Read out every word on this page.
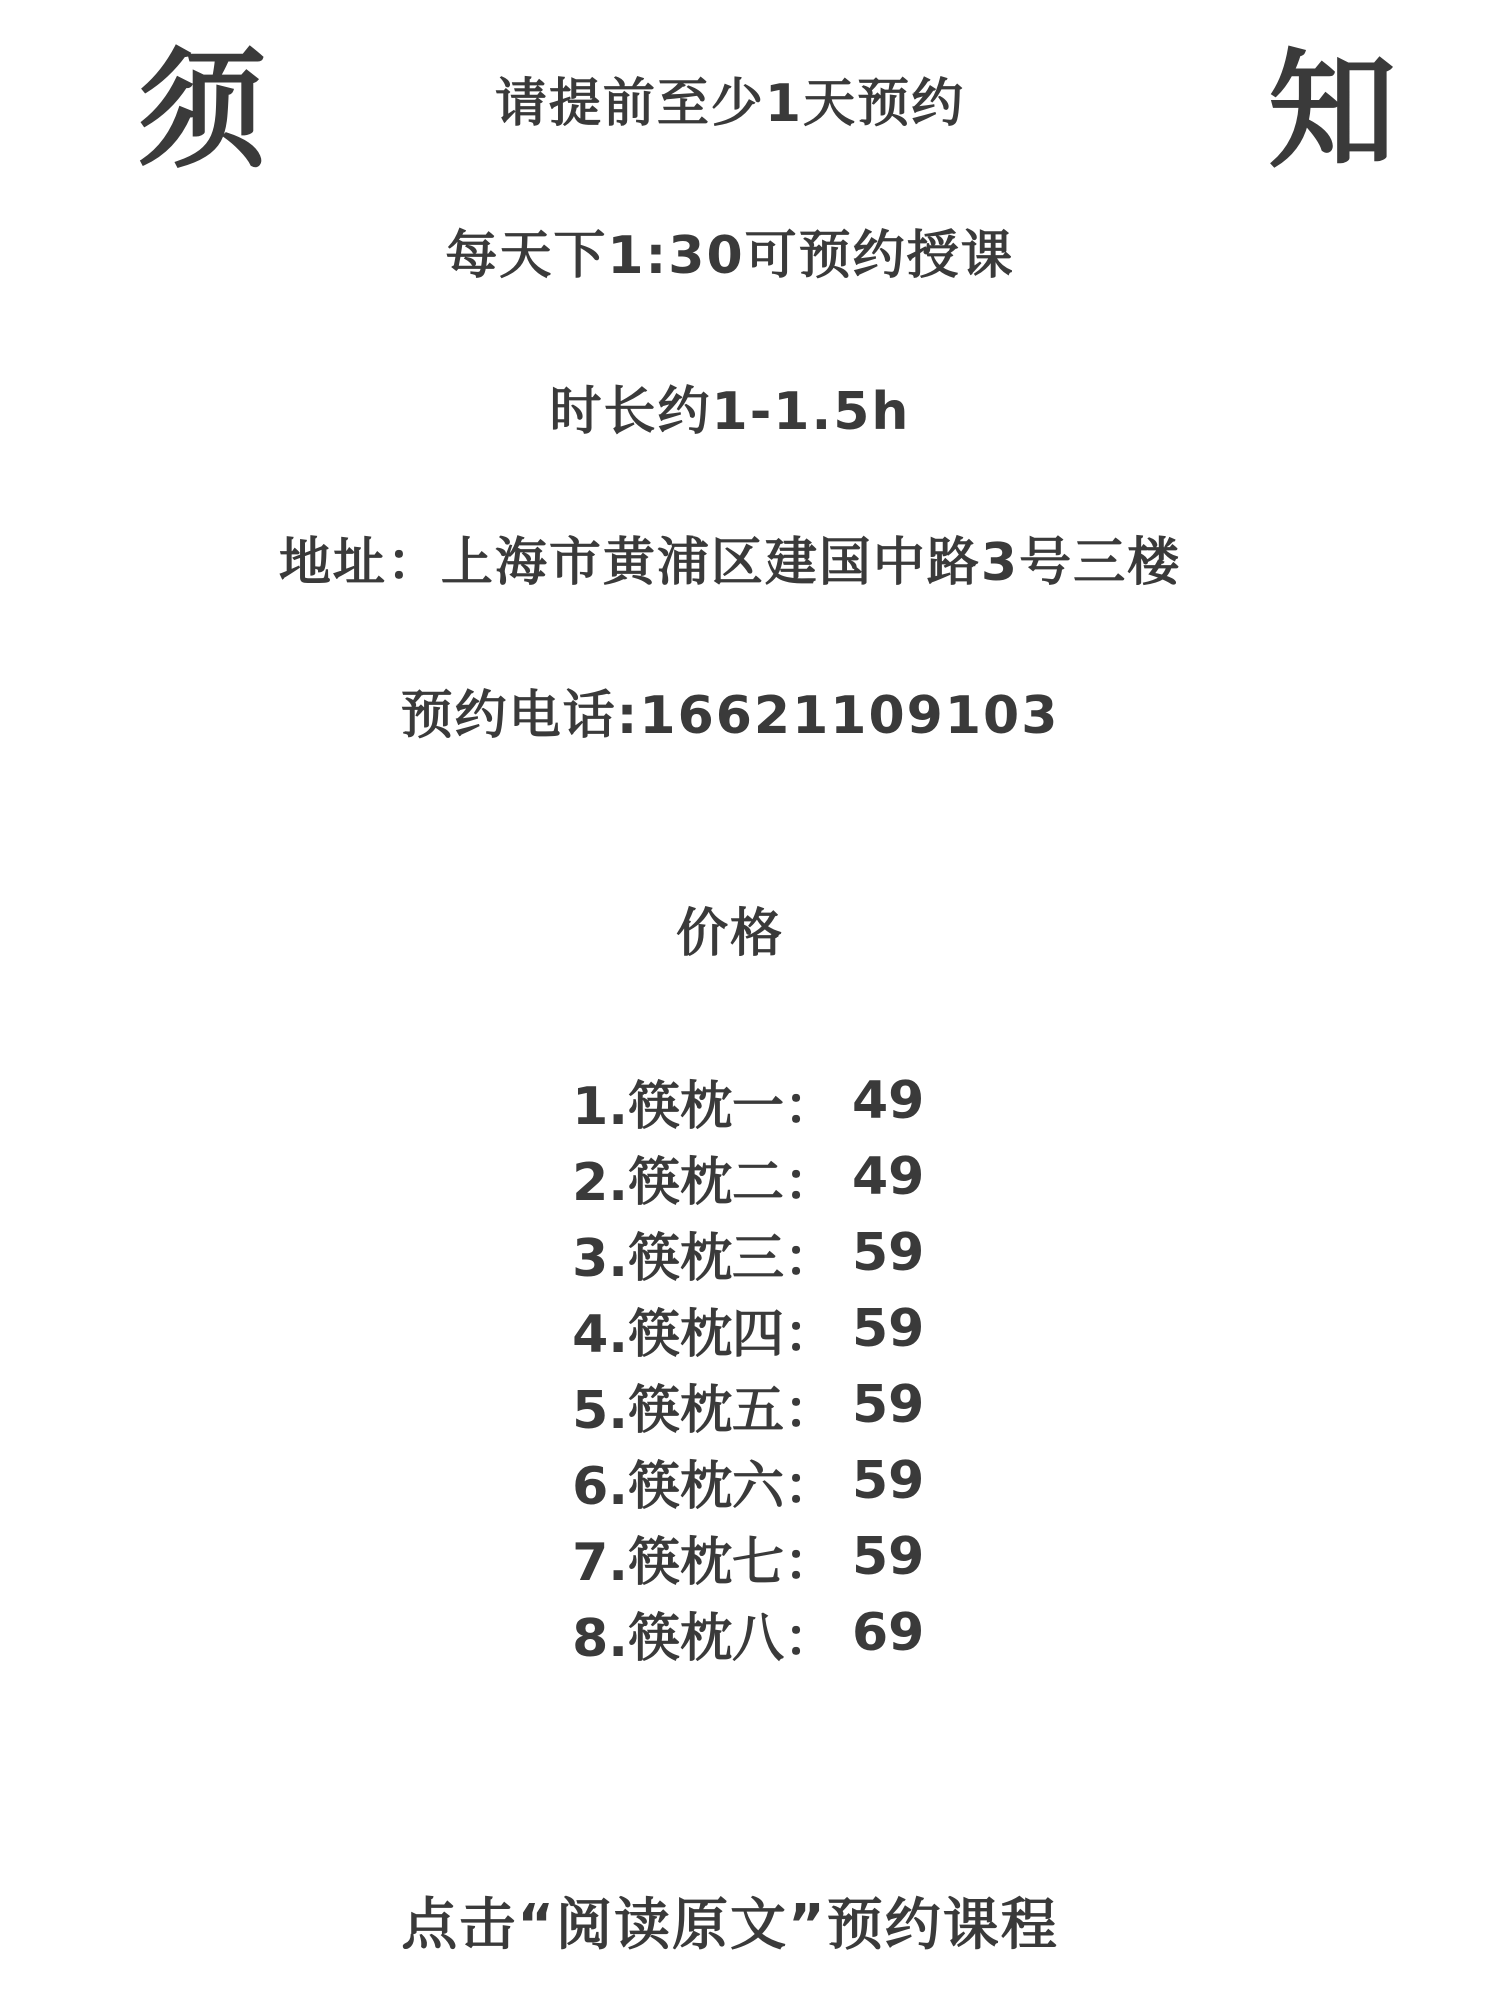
须	知
请提前至少1天预约
每天下1:30可预约授课
时长约1-1.5h
地址：上海市黄浦区建国中路3号三楼
预约电话:16621109103
价格
1.筷枕一： 49
2.筷枕二： 49
3.筷枕三： 59
4.筷枕四： 59
5.筷枕五： 59
6.筷枕六： 59
7.筷枕七： 59
8.筷枕八： 69
点击“阅读原文”预约课程
